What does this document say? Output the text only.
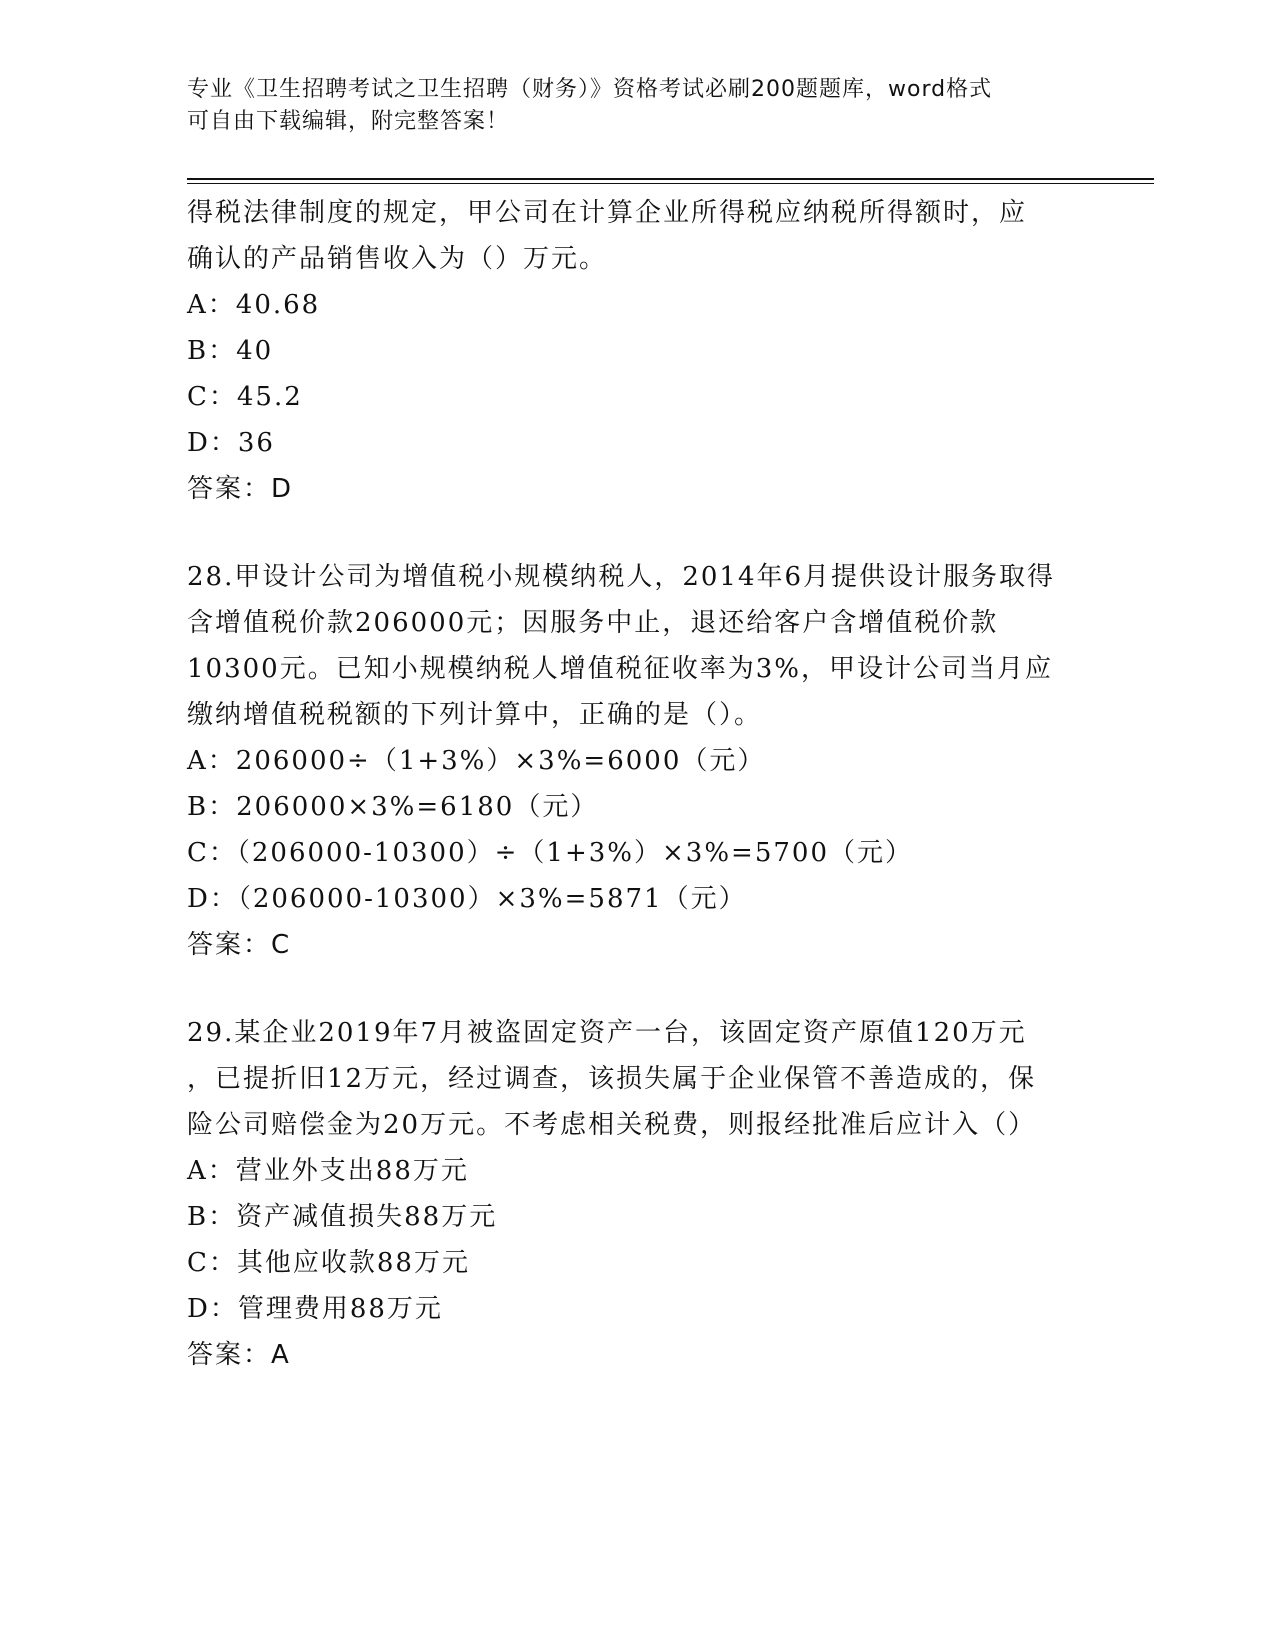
专业《卫生招聘考试之卫生招聘（财务）》资格考试必刷200题题库，word格式
可自由下载编辑，附完整答案！
得税法律制度的规定，甲公司在计算企业所得税应纳税所得额时，应
确认的产品销售收入为（）万元。
A：40.68
B：40
C：45.2
D：36
答案：D
28.甲设计公司为增值税小规模纳税人，2014年6月提供设计服务取得
含增值税价款206000元；因服务中止，退还给客户含增值税价款
10300元。已知小规模纳税人增值税征收率为3%，甲设计公司当月应
缴纳增值税税额的下列计算中，正确的是（）。
A：206000÷（1+3%）×3%=6000（元）
B：206000×3%=6180（元）
C：（206000-10300）÷（1+3%）×3%=5700（元）
D：（206000-10300）×3%=5871（元）
答案：C
29.某企业2019年7月被盗固定资产一台，该固定资产原值120万元
，已提折旧12万元，经过调查，该损失属于企业保管不善造成的，保
险公司赔偿金为20万元。不考虑相关税费，则报经批准后应计入（）
A：营业外支出88万元
B：资产减值损失88万元
C：其他应收款88万元
D：管理费用88万元
答案：A
